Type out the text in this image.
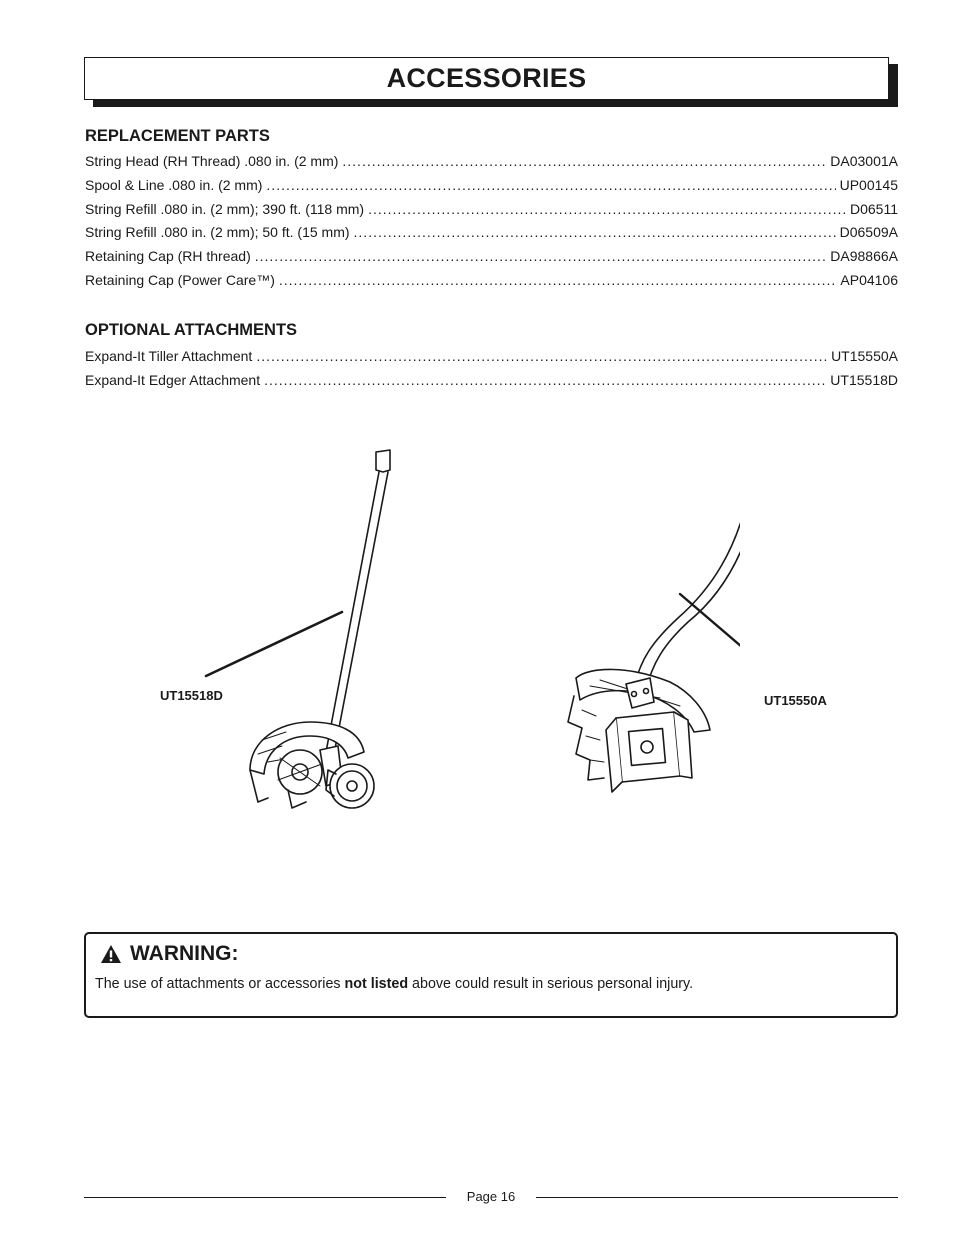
ACCESSORIES
REPLACEMENT PARTS
String Head (RH Thread) .080 in. (2 mm) .....	DA03001A
Spool & Line .080 in. (2 mm) .....	UP00145
String Refill .080 in. (2 mm); 390 ft. (118 mm) .....	D06511
String Refill .080 in. (2 mm); 50 ft. (15 mm) .....	D06509A
Retaining Cap (RH thread) .....	DA98866A
Retaining Cap (Power Care™) .....	AP04106
OPTIONAL ATTACHMENTS
Expand-It Tiller Attachment .....	UT15550A
Expand-It Edger Attachment .....	UT15518D
UT15518D	UT15550A
WARNING:
The use of attachments or accessories not listed above could result in serious personal injury.
Page 16
